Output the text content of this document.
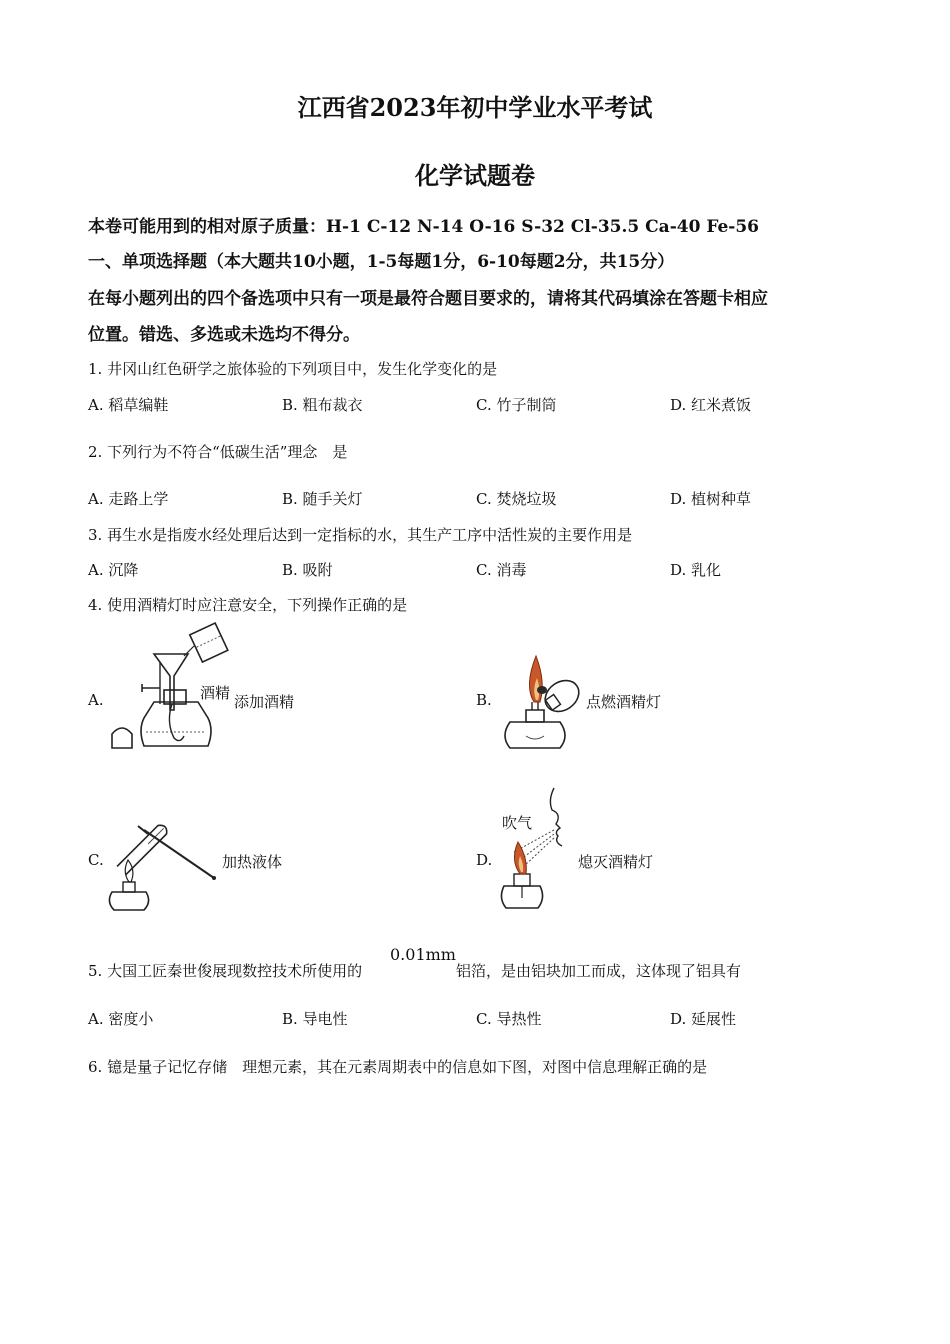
江西省2023年初中学业水平考试
化学试题卷
本卷可能用到的相对原子质量：H-1 C-12 N-14 O-16 S-32 Cl-35.5 Ca-40 Fe-56
一、单项选择题（本大题共10小题，1-5每题1分，6-10每题2分，共15分）
在每小题列出的四个备选项中只有一项是最符合题目要求的，请将其代码填涂在答题卡相应
位置。错选、多选或未选均不得分。
1. 井冈山红色研学之旅体验的下列项目中，发生化学变化的是
A. 稻草编鞋	B. 粗布裁衣	C. 竹子制筒	D. 红米煮饭
2. 下列行为不符合“低碳生活”理念　是
A. 走路上学	B. 随手关灯	C. 焚烧垃圾	D. 植树种草
3. 再生水是指废水经处理后达到一定指标的水，其生产工序中活性炭的主要作用是
A. 沉降	B. 吸附	C. 消毒	D. 乳化
4. 使用酒精灯时应注意安全，下列操作正确的是
A.	酒精 添加酒精	B.	点燃酒精灯
C.	加热液体	D.
吹气
熄灭酒精灯
5. 大国工匠秦世俊展现数控技术所使用的
0.01mm
铝箔，是由铝块加工而成，这体现了铝具有
A. 密度小	B. 导电性	C. 导热性	D. 延展性
6. 镱是量子记忆存储　理想元素，其在元素周期表中的信息如下图，对图中信息理解正确的是
